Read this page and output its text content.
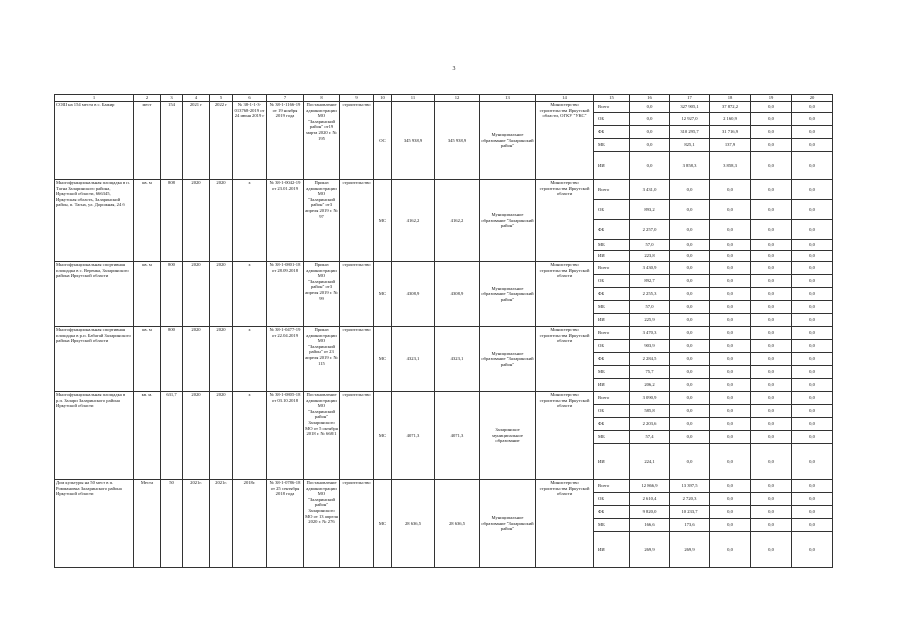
3
1	2	3	4	5	6	7	8	9	10	11	12	13	14	15	16	17	18	19	20
СОШ на 154 места в с. Бажир	мест	154	2021 г	2022 г	№ 38-1-1-3-013768-2019 от 24 июня 2019 г	№ 38-1-1166-19 от 19 ноября 2019 года	Постановление администрации МО "Заларинский район" от19 марта 2020 г. № 195	строительство	ОС	345 938,9	345 938,9	Муниципальное образование "Заларинский район"	Министерство строительства Иркутской области, ОГКУ "УКС"	Всего	0,0	327 905,1	37 872,2	0,0	0,0
														ОБ	0,0	12 927,0	2 160,9	0,0	0,0
														ФБ	0,0	310 295,7	31 716,9	0,0	0,0
														МБ	0,0	825,1	137,9	0,0	0,0
														ИИ	0,0	3 858,3	3 858,3	0,0	0,0
Многофункциональная площадка в п. Тагна Заларинского района, Иркутской области, 666345, Иркутская область, Заларинский район, п. Тагна, ул. Дорожная, 24 б	кв. м	808	2020	2020	х	№ 38-1-0042-19 от 23.01.2019	Приказ администрации МО "Заларинский район" от3 апреля 2019 г. № 97	строительство	МС	4162,2	4162,2	Муниципальное образование "Заларинский район"	Министерство строительства Иркутской области	Всего	3 431,0	0,0	0,0	0,0	0,0
														ОБ	893,2	0,0	0,0	0,0	0,0
														ФБ	2 257,0	0,0	0,0	0,0	0,0
														МБ	57,0	0,0	0,0	0,0	0,0
														ИИ	223,8	0,0	0,0	0,0	0,0
Многофункциональная спортивная площадка в с. Веренка, Заларинского района Иркутской области	кв. м	800	2020	2020	х	№ 38-1-0801-18 от 28.09.2018	Приказ администрации МО "Заларинский район" от3 апреля 2019 г. № 99	строительство	МС	4308,9	4308,9	Муниципальное образование "Заларинский район"	Министерство строительства Иркутской области	Всего	3 430,9	0,0	0,0	0,0	0,0
														ОБ	892,7	0,0	0,0	0,0	0,0
														ФБ	2 255,3	0,0	0,0	0,0	0,0
														МБ	57,0	0,0	0,0	0,0	0,0
														ИИ	225,9	0,0	0,0	0,0	0,0
Многофункциональная спортивная площадка в р.п. Бабагай Заларинского района Иркутской области	кв. м	800	2020	2020	х	№ 38-1-0477-19 от 22.04.2019	Приказ администрации МО "Заларинский район" от 23 апреля 2019 г. № 115	строительство	МС	4323,1	4323,1	Муниципальное образование "Заларинский район"	Министерство строительства Иркутской области	Всего	3 470,3	0,0	0,0	0,0	0,0
														ОБ	903,9	0,0	0,0	0,0	0,0
														ФБ	2 284,5	0,0	0,0	0,0	0,0
														МБ	75,7	0,0	0,0	0,0	0,0
														ИИ	206,2	0,0	0,0	0,0	0,0
Многофункциональная площадка в р.п. Залари Заларинского района Иркутской области	кв. м.	631,7	2020	2020	х	№ 38-1-0805-18 от 03.10.2018	Постановление администрации МО "Заларинский район" Заларинского МО от 5 октября 2018 г. № 668/1	строительство	МС	4071,3	4071,3	Заларинское муниципальное образование	Министерство строительства Иркутской области	Всего	3 090,9	0,0	0,0	0,0	0,0
														ОБ	585,8	0,0	0,0	0,0	0,0
														ФБ	2 203,6	0,0	0,0	0,0	0,0
														МБ	57,4	0,0	0,0	0,0	0,0
														ИИ	224,1	0,0	0,0	0,0	0,0
Дом культуры на 50 мест в п. Роммановка Заларинского района Иркутской области	Места	50	2021г.	2021г.	2018г.	№ 38-1-0786-18 от 25 сентября 2018 года	Постановление администрации МО "Заларинский район" Заларинского МО от 13 апреля 2020 г. № 276	строительство	МС	28 636,5	28 636,5	Муниципальное образование "Заларинский район"	Министерство строительства Иркутской области	Всего	12 866,9	13 397,5	0,0	0,0	0,0
														ОБ	2 610,4	2 720,3	0,0	0,0	0,0
														ФБ	9 820,0	10 233,7	0,0	0,0	0,0
														МБ	166,6	173,6	0,0	0,0	0,0
														ИИ	269,9	269,9	0,0	0,0	0,0
